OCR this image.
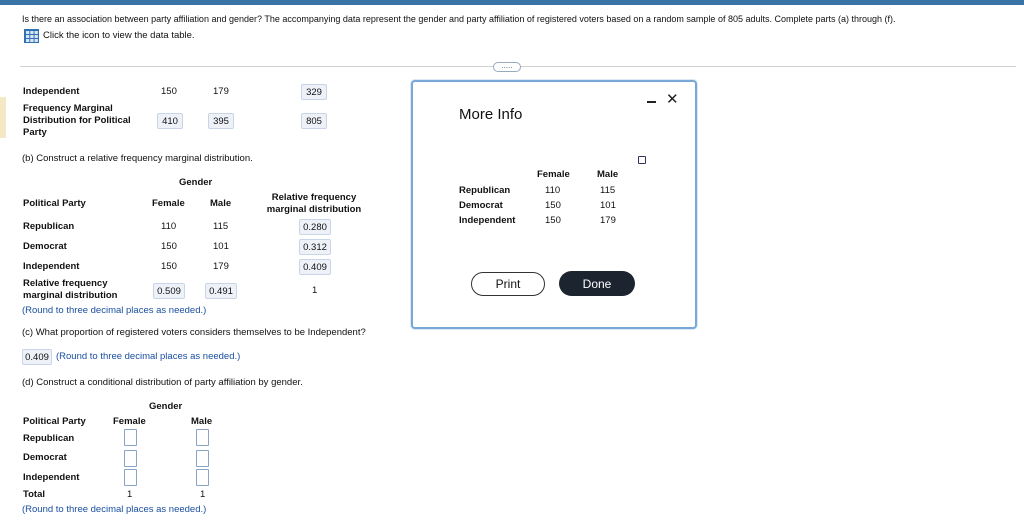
Is there an association between party affiliation and gender? The accompanying data represent the gender and party affiliation of registered voters based on a random sample of 805 adults. Complete parts (a) through (f).
Click the icon to view the data table.
.....
Independent	150	179	329
Frequency Marginal
Distribution for Political
Party
410	395	805
(b) Construct a relative frequency marginal distribution.
Gender
Political Party	Female	Male
Relative frequency
marginal distribution
Republican	110	115	0.280
Democrat	150	101	0.312
Independent	150	179	0.409
Relative frequency
marginal distribution	0.509	0.491	1
(Round to three decimal places as needed.)
(c) What proportion of registered voters considers themselves to be Independent?
0.409 (Round to three decimal places as needed.)
(d) Construct a conditional distribution of party affiliation by gender.
Gender
Political Party	Female	Male
Republican
Democrat
Independent
Total	1	1
(Round to three decimal places as needed.)
More Info
✕
Female	Male
Republican	110	115
Democrat	150	101
Independent	150	179
Print	Done
